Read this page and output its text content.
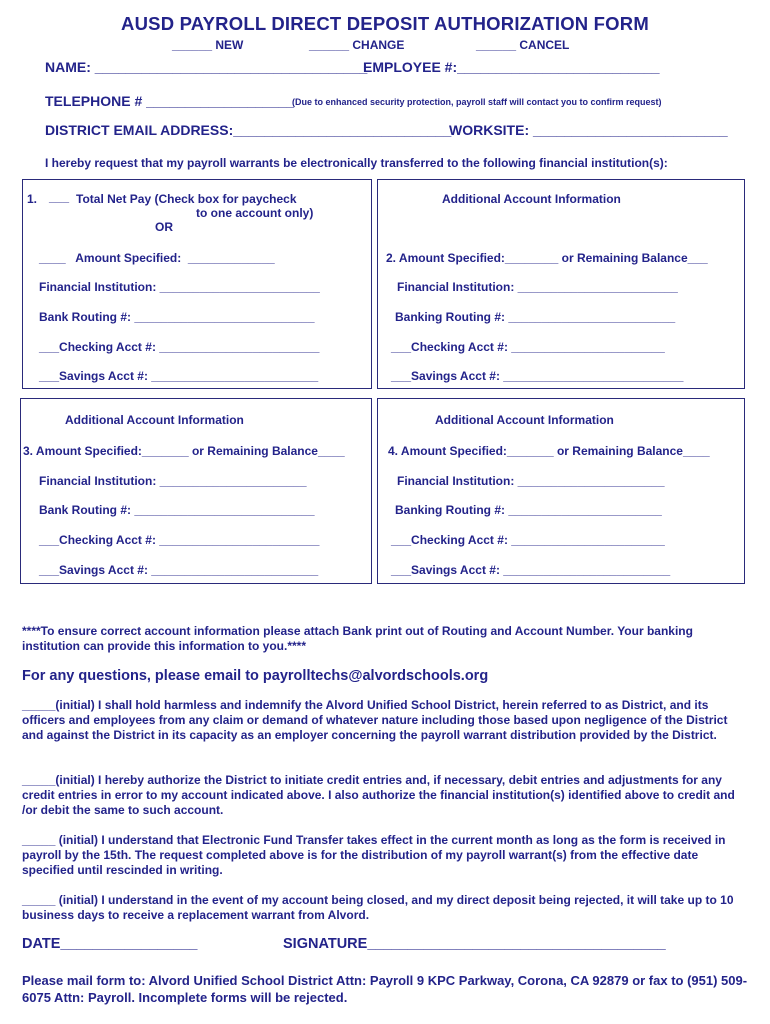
AUSD PAYROLL DIRECT DEPOSIT AUTHORIZATION FORM
______ NEW	______ CHANGE	______ CANCEL
NAME: ___________________________________
EMPLOYEE #:__________________________
TELEPHONE # ___________________
(Due to enhanced security protection, payroll staff will contact you to confirm request)
DISTRICT EMAIL ADDRESS:____________________________
WORKSITE: _________________________
I hereby request that my payroll warrants be electronically transferred to the following financial institution(s):
1. ___ Total Net Pay (Check box for paycheck
to one account only)
OR
____   Amount Specified:  _____________
Financial Institution: ________________________
Bank Routing #: ___________________________
___Checking Acct #: ________________________
___Savings Acct #: _________________________
Additional Account Information
2. Amount Specified:________ or Remaining Balance___
Financial Institution: ________________________
Banking Routing #: _________________________
___Checking Acct #: _______________________
___Savings Acct #: ___________________________
Additional Account Information
3. Amount Specified:_______ or Remaining Balance____
Financial Institution: ______________________
Bank Routing #: ___________________________
___Checking Acct #: ________________________
___Savings Acct #: _________________________
Additional Account Information
4. Amount Specified:_______ or Remaining Balance____
Financial Institution: ______________________
Banking Routing #: _______________________
___Checking Acct #: _______________________
___Savings Acct #: _________________________
****To ensure correct account information please attach Bank print out of Routing and Account Number. Your banking institution can provide this information to you.****
For any questions, please email to payrolltechs@alvordschools.org
_____(initial) I shall hold harmless and indemnify the Alvord Unified School District, herein referred to as District, and its officers and employees from any claim or demand of whatever nature including those based upon negligence of the District and against the District in its capacity as an employer concerning the payroll warrant distribution provided by the District.
_____(initial) I hereby authorize the District to initiate credit entries and, if necessary, debit entries and adjustments for any credit entries in error to my account indicated above. I also authorize the financial institution(s) identified above to credit and /or debit the same to such account.
_____ (initial) I understand that Electronic Fund Transfer takes effect in the current month as long as the form is received in payroll by the 15th. The request completed above is for the distribution of my payroll warrant(s) from the effective date specified until rescinded in writing.
_____ (initial) I understand in the event of my account being closed, and my direct deposit being rejected, it will take up to 10 business days to receive a replacement warrant from Alvord.
DATE_________________	SIGNATURE_____________________________________
Please mail form to: Alvord Unified School District Attn: Payroll 9 KPC Parkway, Corona, CA 92879 or fax to (951) 509-6075 Attn: Payroll. Incomplete forms will be rejected.
